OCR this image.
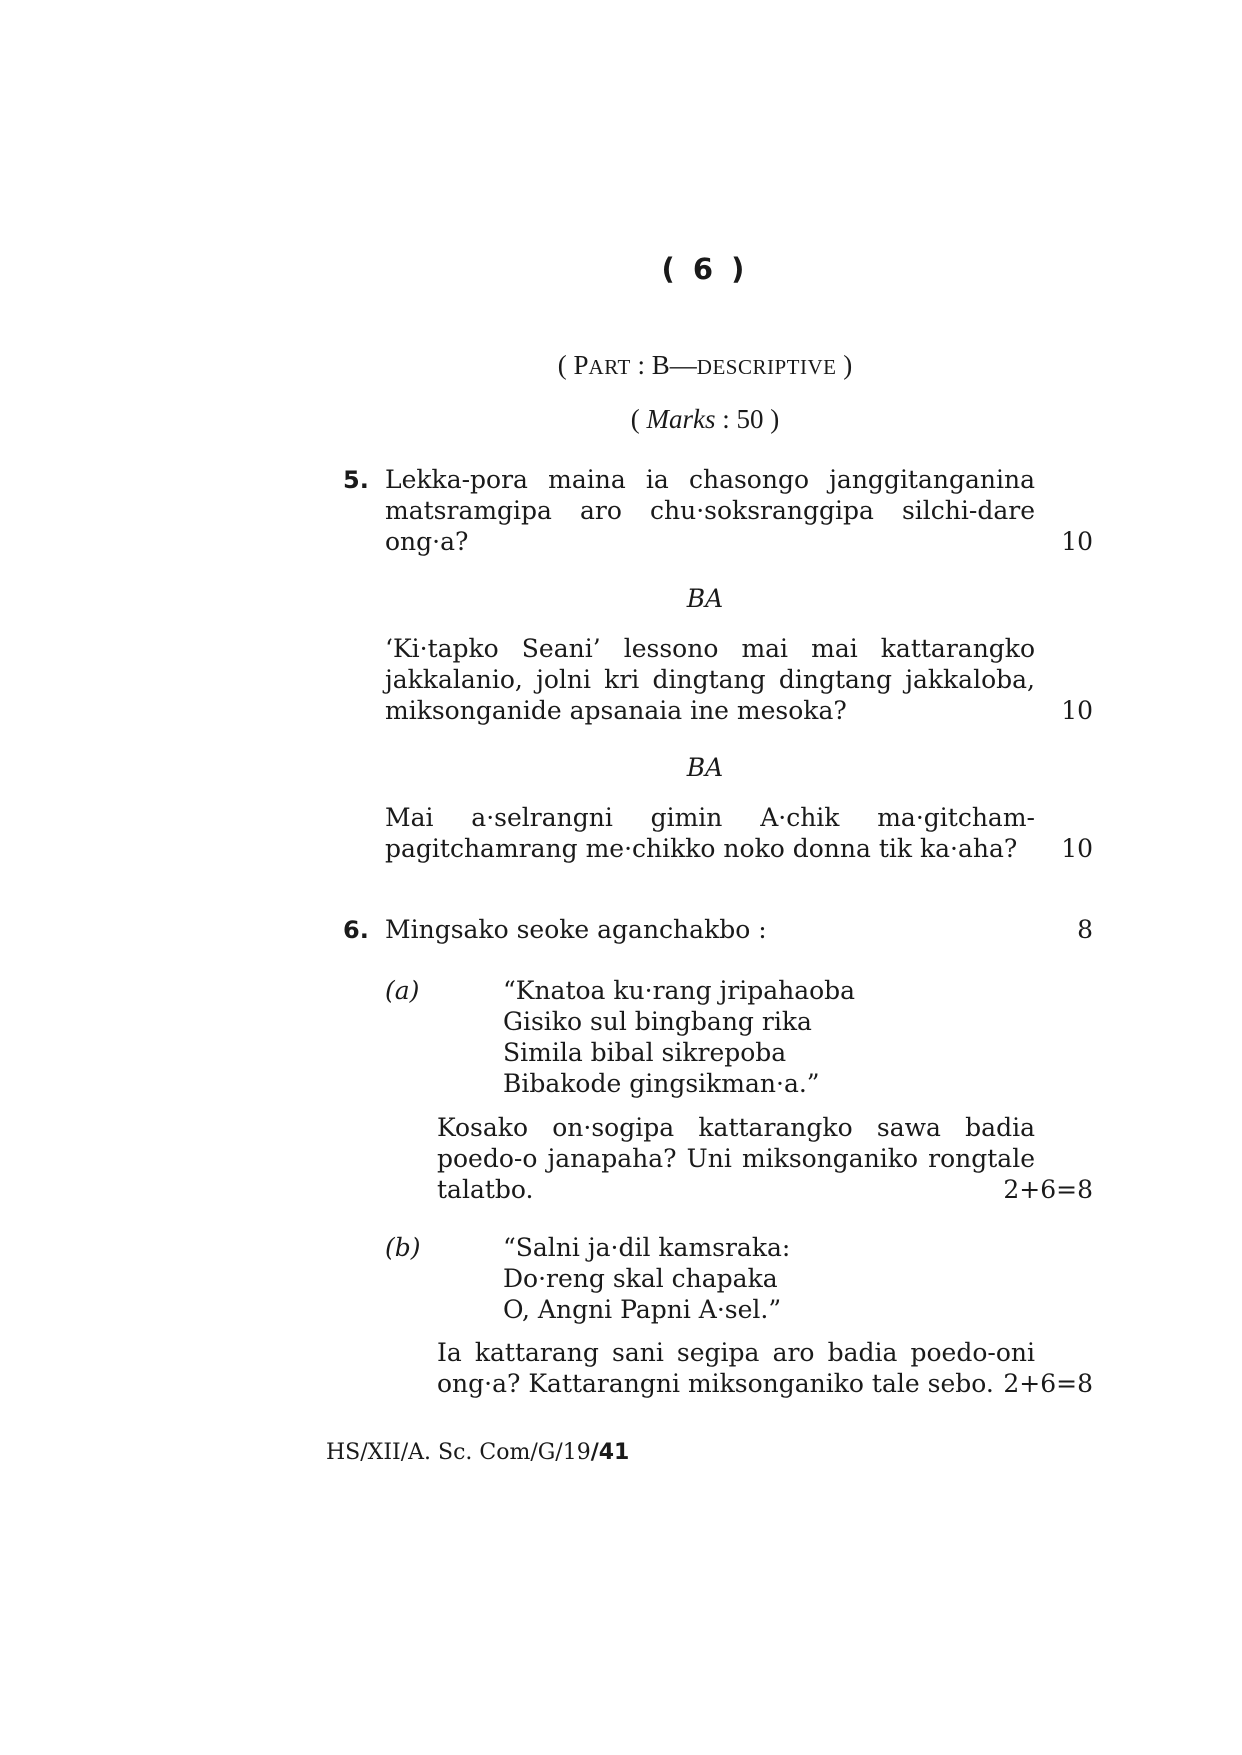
( 6 )
( PART : B—DESCRIPTIVE )
( Marks : 50 )
5. Lekka-pora maina ia chasongo janggitanganina
matsramgipa aro chu·soksranggipa silchi-dare
ong·a?	10
BA
‘Ki·tapko Seani’ lessono mai mai kattarangko
jakkalanio, jolni kri dingtang dingtang jakkaloba,
miksonganide apsanaia ine mesoka?	10
BA
Mai a·selrangni gimin A·chik ma·gitcham-
pagitchamrang me·chikko noko donna tik ka·aha?	10
6. Mingsako seoke aganchakbo :	8
(a)	“Knatoa ku·rang jripahaoba
Gisiko sul bingbang rika
Simila bibal sikrepoba
Bibakode gingsikman·a.”
Kosako on·sogipa kattarangko sawa badia
poedo-o janapaha? Uni miksonganiko rongtale
talatbo.	2+6=8
(b)	“Salni ja·dil kamsraka:
Do·reng skal chapaka
O, Angni Papni A·sel.”
Ia kattarang sani segipa aro badia poedo-oni
ong·a? Kattarangni miksonganiko tale sebo. 2+6=8
HS/XII/A. Sc. Com/G/19/41
